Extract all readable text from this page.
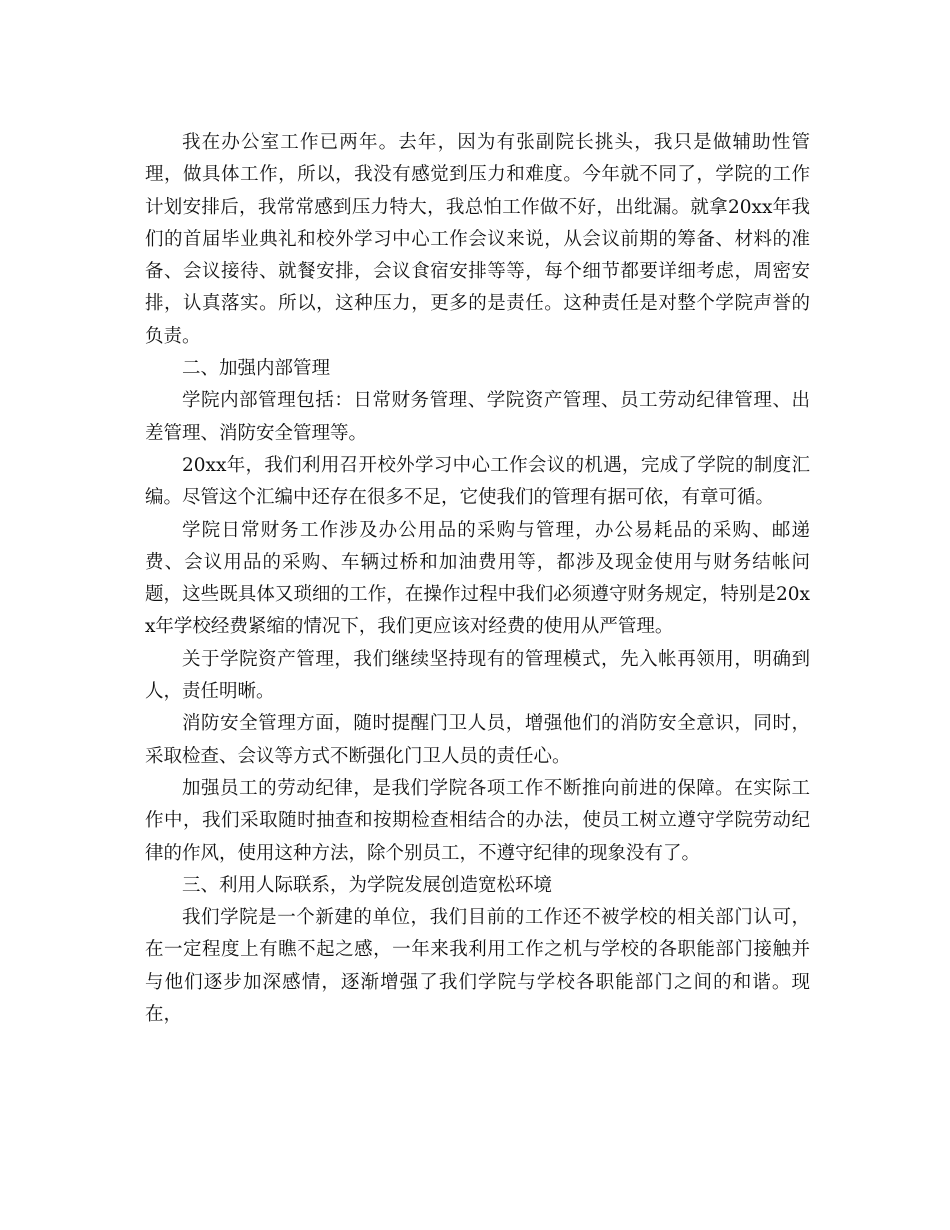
我在办公室工作已两年。去年，因为有张副院长挑头，我只是做辅助性管理，做具体工作，所以，我没有感觉到压力和难度。今年就不同了，学院的工作计划安排后，我常常感到压力特大，我总怕工作做不好，出纰漏。就拿20xx年我们的首届毕业典礼和校外学习中心工作会议来说，从会议前期的筹备、材料的准备、会议接待、就餐安排，会议食宿安排等等，每个细节都要详细考虑，周密安排，认真落实。所以，这种压力，更多的是责任。这种责任是对整个学院声誉的负责。

二、加强内部管理

学院内部管理包括：日常财务管理、学院资产管理、员工劳动纪律管理、出差管理、消防安全管理等。

20xx年，我们利用召开校外学习中心工作会议的机遇，完成了学院的制度汇编。尽管这个汇编中还存在很多不足，它使我们的管理有据可依，有章可循。

学院日常财务工作涉及办公用品的采购与管理，办公易耗品的采购、邮递费、会议用品的采购、车辆过桥和加油费用等，都涉及现金使用与财务结帐问题，这些既具体又琐细的工作，在操作过程中我们必须遵守财务规定，特别是20xx年学校经费紧缩的情况下，我们更应该对经费的使用从严管理。

关于学院资产管理，我们继续坚持现有的管理模式，先入帐再领用，明确到人，责任明晰。

消防安全管理方面，随时提醒门卫人员，增强他们的消防安全意识，同时，采取检查、会议等方式不断强化门卫人员的责任心。

加强员工的劳动纪律，是我们学院各项工作不断推向前进的保障。在实际工作中，我们采取随时抽查和按期检查相结合的办法，使员工树立遵守学院劳动纪律的作风，使用这种方法，除个别员工，不遵守纪律的现象没有了。

三、利用人际联系，为学院发展创造宽松环境

我们学院是一个新建的单位，我们目前的工作还不被学校的相关部门认可，在一定程度上有瞧不起之感，一年来我利用工作之机与学校的各职能部门接触并与他们逐步加深感情，逐渐增强了我们学院与学校各职能部门之间的和谐。现在，
